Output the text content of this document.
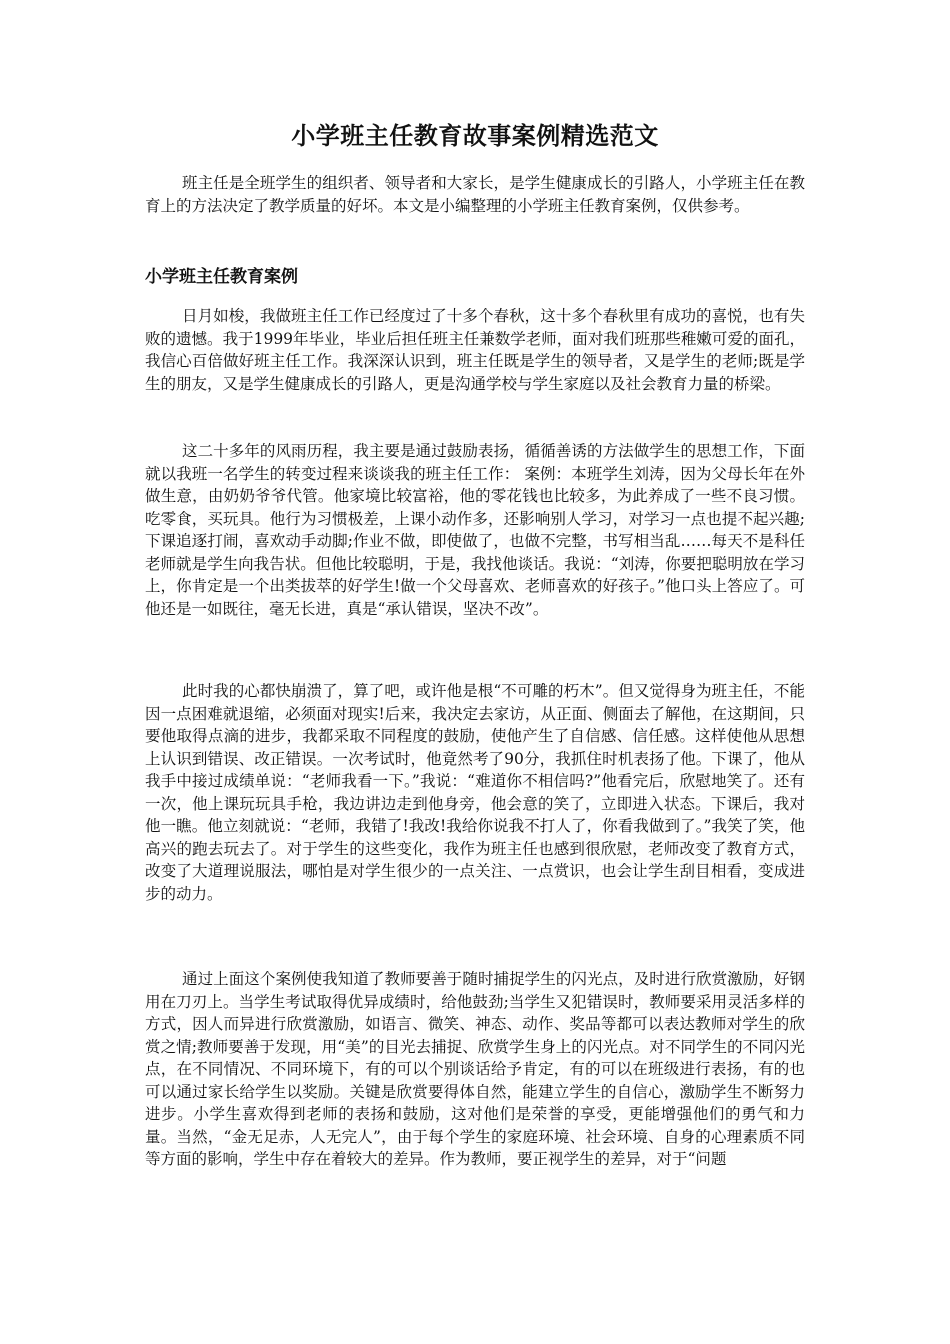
小学班主任教育故事案例精选范文

班主任是全班学生的组织者、领导者和大家长，是学生健康成长的引路人，小学班主任在教育上的方法决定了教学质量的好坏。本文是小编整理的小学班主任教育案例，仅供参考。

小学班主任教育案例

日月如梭，我做班主任工作已经度过了十多个春秋，这十多个春秋里有成功的喜悦，也有失败的遗憾。我于1999年毕业，毕业后担任班主任兼数学老师，面对我们班那些稚嫩可爱的面孔，我信心百倍做好班主任工作。我深深认识到，班主任既是学生的领导者，又是学生的老师;既是学生的朋友，又是学生健康成长的引路人，更是沟通学校与学生家庭以及社会教育力量的桥梁。

这二十多年的风雨历程，我主要是通过鼓励表扬，循循善诱的方法做学生的思想工作，下面就以我班一名学生的转变过程来谈谈我的班主任工作： 案例：本班学生刘涛，因为父母长年在外做生意，由奶奶爷爷代管。他家境比较富裕，他的零花钱也比较多，为此养成了一些不良习惯。吃零食，买玩具。他行为习惯极差，上课小动作多，还影响别人学习，对学习一点也提不起兴趣;下课追逐打闹，喜欢动手动脚;作业不做，即使做了，也做不完整，书写相当乱……每天不是科任老师就是学生向我告状。但他比较聪明，于是，我找他谈话。我说：“刘涛，你要把聪明放在学习上，你肯定是一个出类拔萃的好学生!做一个父母喜欢、老师喜欢的好孩子。”他口头上答应了。可他还是一如既往，毫无长进，真是“承认错误，坚决不改”。

此时我的心都快崩溃了，算了吧，或许他是根“不可雕的朽木”。但又觉得身为班主任，不能因一点困难就退缩，必须面对现实!后来，我决定去家访，从正面、侧面去了解他，在这期间，只要他取得点滴的进步，我都采取不同程度的鼓励，使他产生了自信感、信任感。这样使他从思想上认识到错误、改正错误。一次考试时，他竟然考了90分，我抓住时机表扬了他。下课了，他从我手中接过成绩单说：“老师我看一下。”我说：“难道你不相信吗?”他看完后，欣慰地笑了。还有一次，他上课玩玩具手枪，我边讲边走到他身旁，他会意的笑了，立即进入状态。下课后，我对他一瞧。他立刻就说：“老师，我错了!我改!我给你说我不打人了，你看我做到了。”我笑了笑，他高兴的跑去玩去了。对于学生的这些变化，我作为班主任也感到很欣慰，老师改变了教育方式，改变了大道理说服法，哪怕是对学生很少的一点关注、一点赏识，也会让学生刮目相看，变成进步的动力。

通过上面这个案例使我知道了教师要善于随时捕捉学生的闪光点，及时进行欣赏激励，好钢用在刀刃上。当学生考试取得优异成绩时，给他鼓劲;当学生又犯错误时，教师要采用灵活多样的方式，因人而异进行欣赏激励，如语言、微笑、神态、动作、奖品等都可以表达教师对学生的欣赏之情;教师要善于发现，用“美”的目光去捕捉、欣赏学生身上的闪光点。对不同学生的不同闪光点，在不同情况、不同环境下，有的可以个别谈话给予肯定，有的可以在班级进行表扬，有的也可以通过家长给学生以奖励。关键是欣赏要得体自然，能建立学生的自信心，激励学生不断努力进步。小学生喜欢得到老师的表扬和鼓励，这对他们是荣誉的享受，更能增强他们的勇气和力量。当然，“金无足赤，人无完人”，由于每个学生的家庭环境、社会环境、自身的心理素质不同等方面的影响，学生中存在着较大的差异。作为教师，要正视学生的差异，对于“问题
